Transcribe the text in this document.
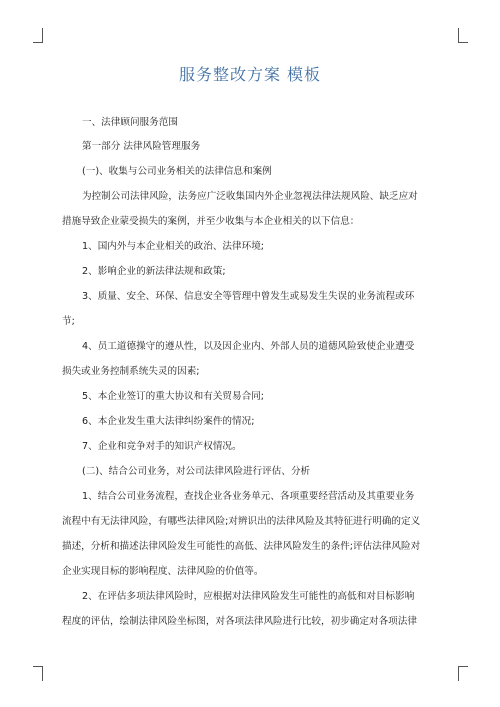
服务整改方案 模板
一、法律顾问服务范围
第一部分 法律风险管理服务
(一)、收集与公司业务相关的法律信息和案例
为控制公司法律风险，法务应广泛收集国内外企业忽视法律法规风险、缺乏应对
措施导致企业蒙受损失的案例，并至少收集与本企业相关的以下信息：
1、国内外与本企业相关的政治、法律环境;
2、影响企业的新法律法规和政策;
3、质量、安全、环保、信息安全等管理中曾发生或易发生失误的业务流程或环
节;
4、员工道德操守的遵从性，以及因企业内、外部人员的道德风险致使企业遭受
损失或业务控制系统失灵的因素;
5、本企业签订的重大协议和有关贸易合同;
6、本企业发生重大法律纠纷案件的情况;
7、企业和竞争对手的知识产权情况。
(二)、结合公司业务，对公司法律风险进行评估、分析
1、结合公司业务流程，查找企业各业务单元、各项重要经营活动及其重要业务
流程中有无法律风险，有哪些法律风险;对辨识出的法律风险及其特征进行明确的定义
描述，分析和描述法律风险发生可能性的高低、法律风险发生的条件;评估法律风险对
企业实现目标的影响程度、法律风险的价值等。
2、在评估多项法律风险时，应根据对法律风险发生可能性的高低和对目标影响
程度的评估，绘制法律风险坐标图，对各项法律风险进行比较，初步确定对各项法律
